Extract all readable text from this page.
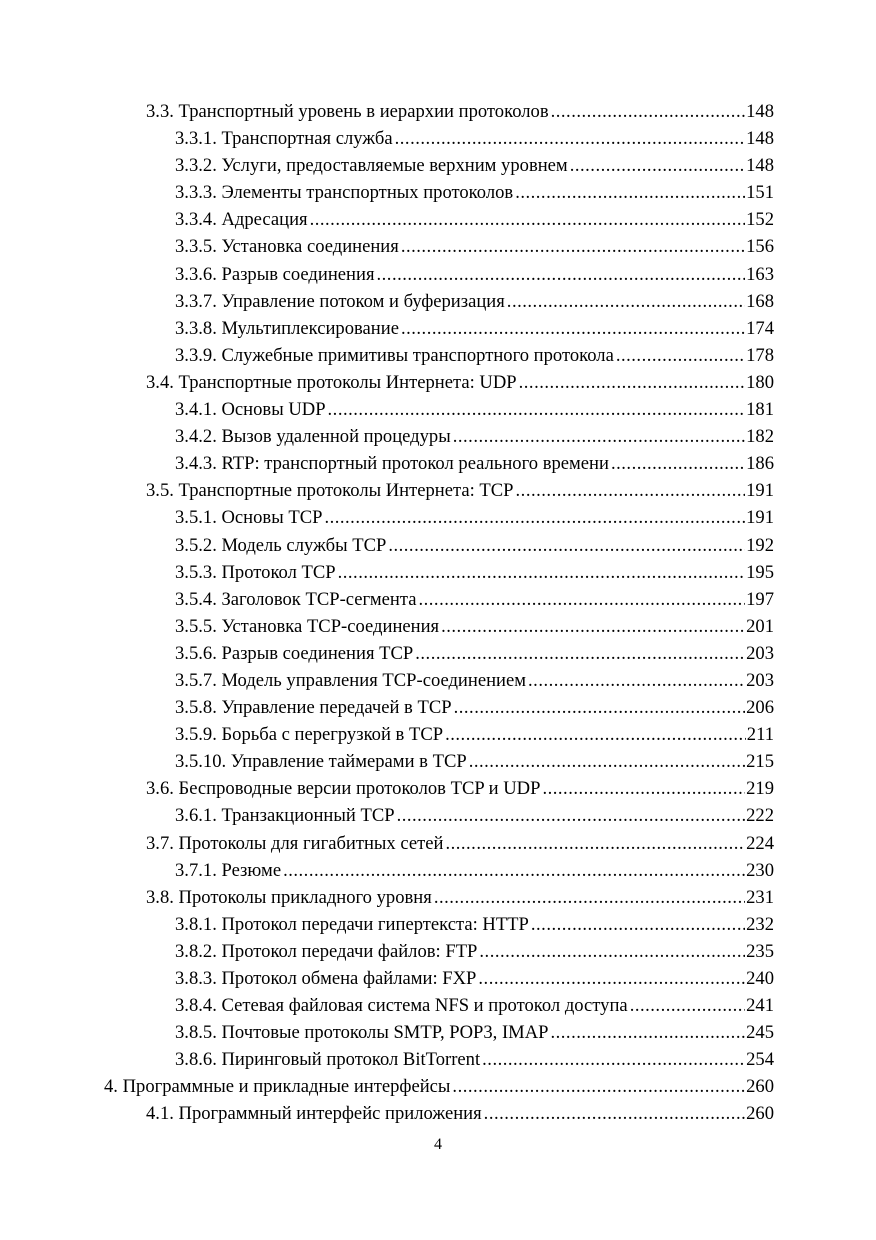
3.3. Транспортный уровень в иерархии протоколов .....	148
3.3.1. Транспортная служба .....	148
3.3.2. Услуги, предоставляемые верхним уровнем .....	148
3.3.3. Элементы транспортных протоколов .....	151
3.3.4. Адресация .....	152
3.3.5. Установка соединения .....	156
3.3.6. Разрыв соединения .....	163
3.3.7. Управление потоком и буферизация .....	168
3.3.8. Мультиплексирование .....	174
3.3.9. Служебные примитивы транспортного протокола .....	178
3.4. Транспортные протоколы Интернета: UDP .....	180
3.4.1. Основы UDP .....	181
3.4.2. Вызов удаленной процедуры .....	182
3.4.3. RTP: транспортный протокол реального времени .....	186
3.5. Транспортные протоколы Интернета: TCP .....	191
3.5.1. Основы TCP .....	191
3.5.2. Модель службы TCP .....	192
3.5.3. Протокол TCP .....	195
3.5.4. Заголовок TCP-сегмента .....	197
3.5.5. Установка TCP-соединения .....	201
3.5.6. Разрыв соединения TCP .....	203
3.5.7. Модель управления TCP-соединением .....	203
3.5.8. Управление передачей в TCP .....	206
3.5.9. Борьба с перегрузкой в TCP .....	211
3.5.10. Управление таймерами в TCP .....	215
3.6. Беспроводные версии протоколов TCP и UDP .....	219
3.6.1. Транзакционный TCP .....	222
3.7. Протоколы для гигабитных сетей .....	224
3.7.1. Резюме .....	230
3.8. Протоколы прикладного уровня .....	231
3.8.1. Протокол передачи гипертекста: HTTP .....	232
3.8.2. Протокол передачи файлов: FTP .....	235
3.8.3. Протокол обмена файлами: FXP .....	240
3.8.4. Сетевая файловая система NFS и протокол доступа .....	241
3.8.5. Почтовые протоколы SMTP, POP3, IMAP .....	245
3.8.6. Пиринговый протокол BitTorrent .....	254
4. Программные и прикладные интерфейсы .....	260
4.1. Программный интерфейс приложения .....	260
4
